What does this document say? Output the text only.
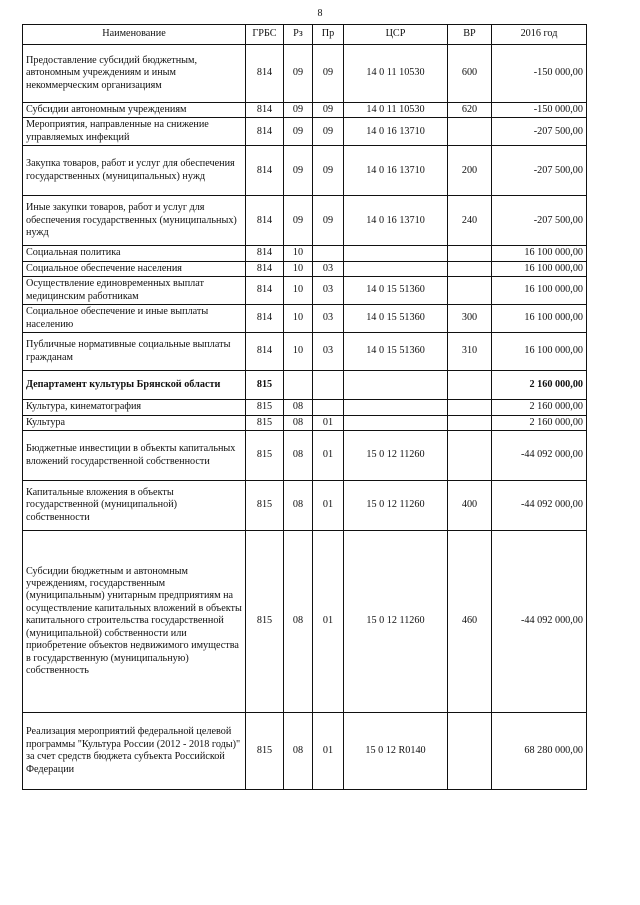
8
Наименование	ГРБС	Рз	Пр	ЦСР	ВР	2016 год
Предоставление субсидий бюджетным, автономным учреждениям и иным некоммерческим организациям	814	09	09	14 0 11 10530	600	-150 000,00
Субсидии автономным учреждениям	814	09	09	14 0 11 10530	620	-150 000,00
Мероприятия, направленные на снижение управляемых инфекций	814	09	09	14 0 16 13710		-207 500,00
Закупка товаров, работ и услуг для обеспечения государственных (муниципальных) нужд	814	09	09	14 0 16 13710	200	-207 500,00
Иные закупки товаров, работ и услуг для обеспечения государственных (муниципальных) нужд	814	09	09	14 0 16 13710	240	-207 500,00
Социальная политика	814	10				16 100 000,00
Социальное обеспечение населения	814	10	03			16 100 000,00
Осуществление единовременных выплат медицинским работникам	814	10	03	14 0 15 51360		16 100 000,00
Социальное обеспечение и иные выплаты населению	814	10	03	14 0 15 51360	300	16 100 000,00
Публичные нормативные социальные выплаты гражданам	814	10	03	14 0 15 51360	310	16 100 000,00
Департамент культуры Брянской области	815					2 160 000,00
Культура, кинематография	815	08				2 160 000,00
Культура	815	08	01			2 160 000,00
Бюджетные инвестиции в объекты капитальных вложений государственной собственности	815	08	01	15 0 12 11260		-44 092 000,00
Капитальные вложения в объекты государственной (муниципальной) собственности	815	08	01	15 0 12 11260	400	-44 092 000,00
Субсидии бюджетным и автономным учреждениям, государственным (муниципальным) унитарным предприятиям на осуществление капитальных вложений в объекты капитального строительства государственной (муниципальной) собственности или приобретение объектов недвижимого имущества в государственную (муниципальную) собственность	815	08	01	15 0 12 11260	460	-44 092 000,00
Реализация мероприятий федеральной целевой программы "Культура России (2012 - 2018 годы)" за счет средств бюджета субъекта Российской Федерации	815	08	01	15 0 12 R0140		68 280 000,00
